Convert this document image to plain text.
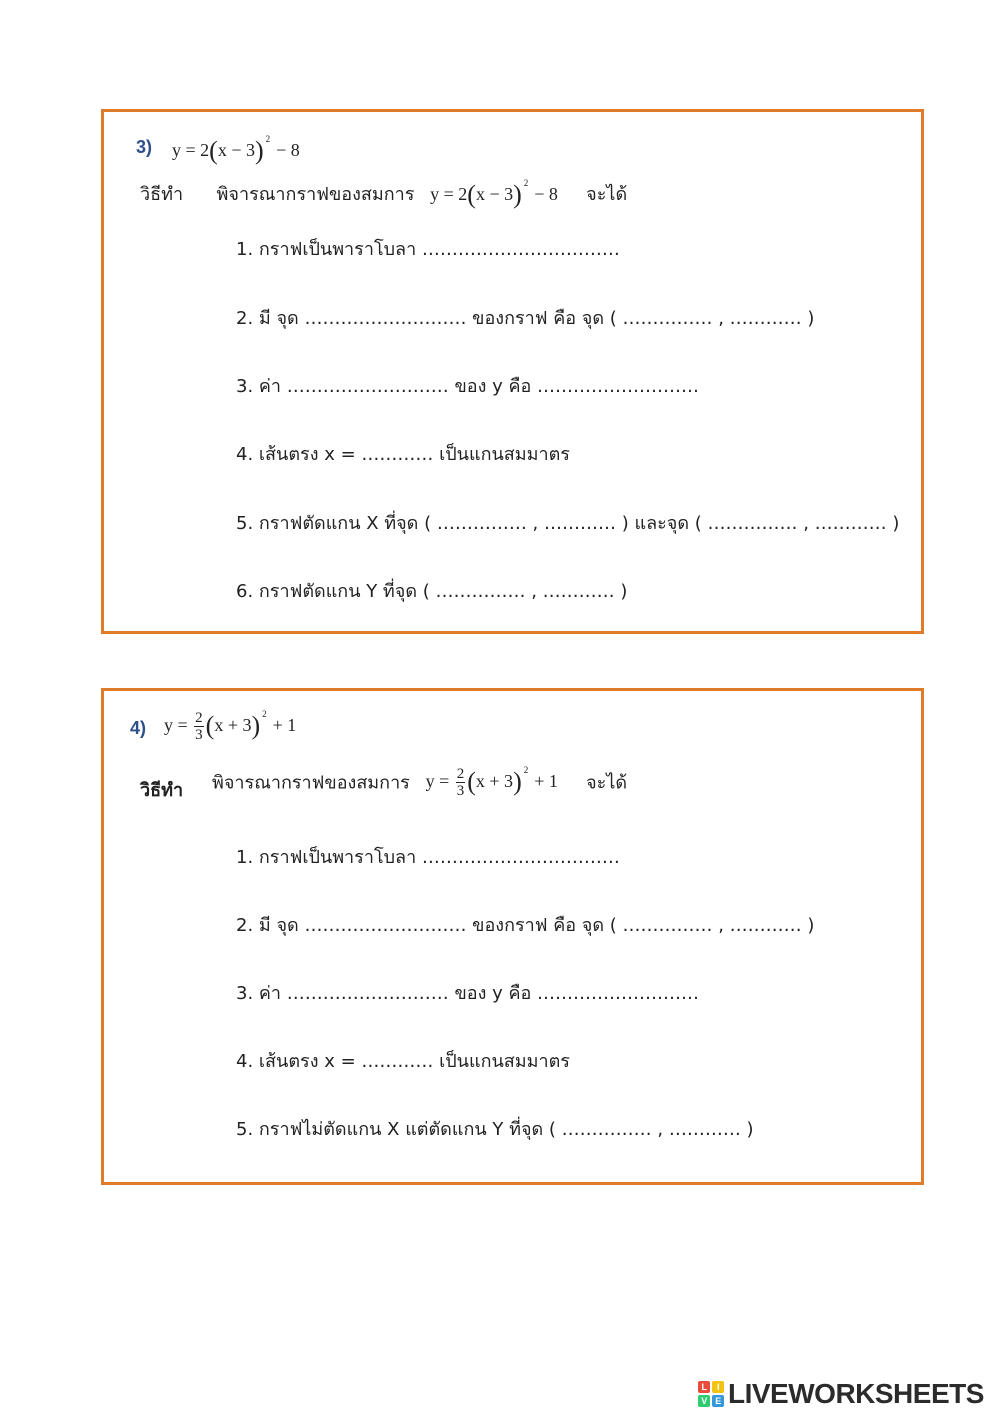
3) y = 2(x − 3) $^2$− 8
วิธีทำ พิจารณากราฟของสมการ y = 2(x − 3) $^2$− 8 จะได้
1. กราฟเป็นพาราโบลา ……………………………
2. มี จุด ……………………… ของกราฟ คือ จุด ( …………… , ………… )
3. ค่า ……………………… ของ y คือ ………………………
4. เส้นตรง x = ………… เป็นแกนสมมาตร
5. กราฟตัดแกน X ที่จุด ( …………… , ………… ) และจุด ( …………… , ………… )
6. กราฟตัดแกน Y ที่จุด ( …………… , ………… )
4) $y = \frac{2}{3} (x + 3)$ $^2$+ 1
วิธีทำ พิจารณากราฟของสมการ $y = \frac{2}{3} (x + 3)$ $^2$+ 1 จะได้
1. กราฟเป็นพาราโบลา ……………………………
2. มี จุด ……………………… ของกราฟ คือ จุด ( …………… , ………… )
3. ค่า ……………………… ของ y คือ ………………………
4. เส้นตรง x = ………… เป็นแกนสมมาตร
5. กราฟไม่ตัดแกน X แต่ตัดแกน Y ที่จุด ( …………… , ………… )
L	I
V E LIVEWORKSHEETS
